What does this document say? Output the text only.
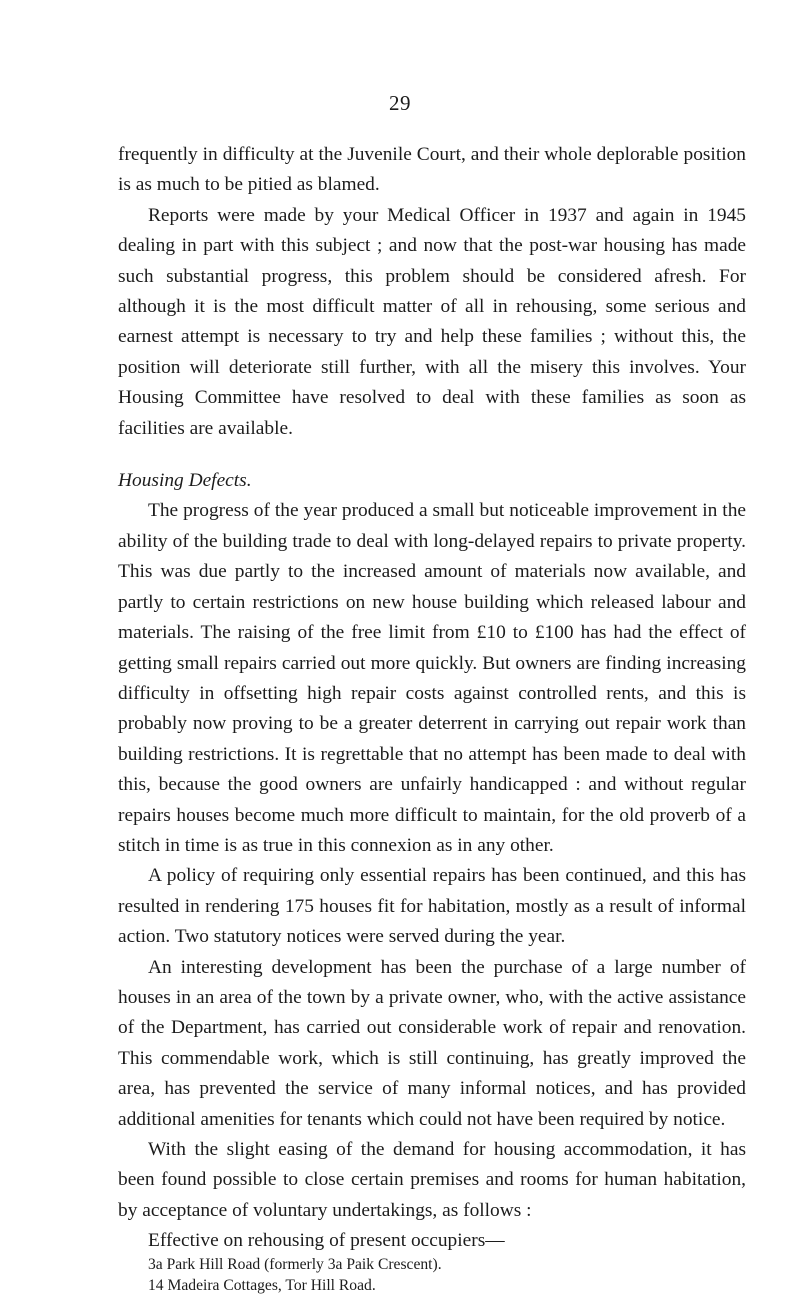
29

frequently in difficulty at the Juvenile Court, and their whole deplorable position is as much to be pitied as blamed.

Reports were made by your Medical Officer in 1937 and again in 1945 dealing in part with this subject ; and now that the post-war housing has made such substantial progress, this problem should be considered afresh. For although it is the most difficult matter of all in rehousing, some serious and earnest attempt is necessary to try and help these families ; without this, the position will deteriorate still further, with all the misery this involves. Your Housing Committee have resolved to deal with these families as soon as facilities are available.

Housing Defects.

The progress of the year produced a small but noticeable improvement in the ability of the building trade to deal with long-delayed repairs to private property. This was due partly to the increased amount of materials now available, and partly to certain restrictions on new house building which released labour and materials. The raising of the free limit from £10 to £100 has had the effect of getting small repairs carried out more quickly. But owners are finding increasing difficulty in offsetting high repair costs against controlled rents, and this is probably now proving to be a greater deterrent in carrying out repair work than building restrictions. It is regrettable that no attempt has been made to deal with this, because the good owners are unfairly handicapped : and without regular repairs houses become much more difficult to maintain, for the old proverb of a stitch in time is as true in this connexion as in any other.

A policy of requiring only essential repairs has been continued, and this has resulted in rendering 175 houses fit for habitation, mostly as a result of informal action. Two statutory notices were served during the year.

An interesting development has been the purchase of a large number of houses in an area of the town by a private owner, who, with the active assistance of the Department, has carried out considerable work of repair and renovation. This commendable work, which is still continuing, has greatly improved the area, has prevented the service of many informal notices, and has provided additional amenities for tenants which could not have been required by notice.

With the slight easing of the demand for housing accommodation, it has been found possible to close certain premises and rooms for human habitation, by acceptance of voluntary undertakings, as follows :

Effective on rehousing of present occupiers—
3a Park Hill Road (formerly 3a Paik Crescent).
14 Madeira Cottages, Tor Hill Road.
